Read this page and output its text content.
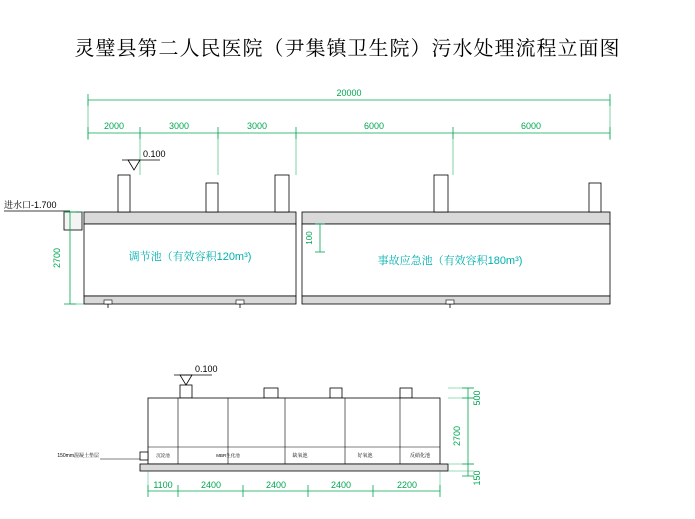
灵璧县第二人民医院（尹集镇卫生院）污水处理流程立面图
20000
2000	3000	3000	6000	6000
0.100
进水口-1.700
调节池（有效容积120m³)	事故应急池（有效容积180m³)
2700
100
0.100
沉淀池	MBR生化池	缺氧池	好氧池	反硝化池
150mm混凝土垫层
500
2700
150
1100	2400	2400	2400	2200
